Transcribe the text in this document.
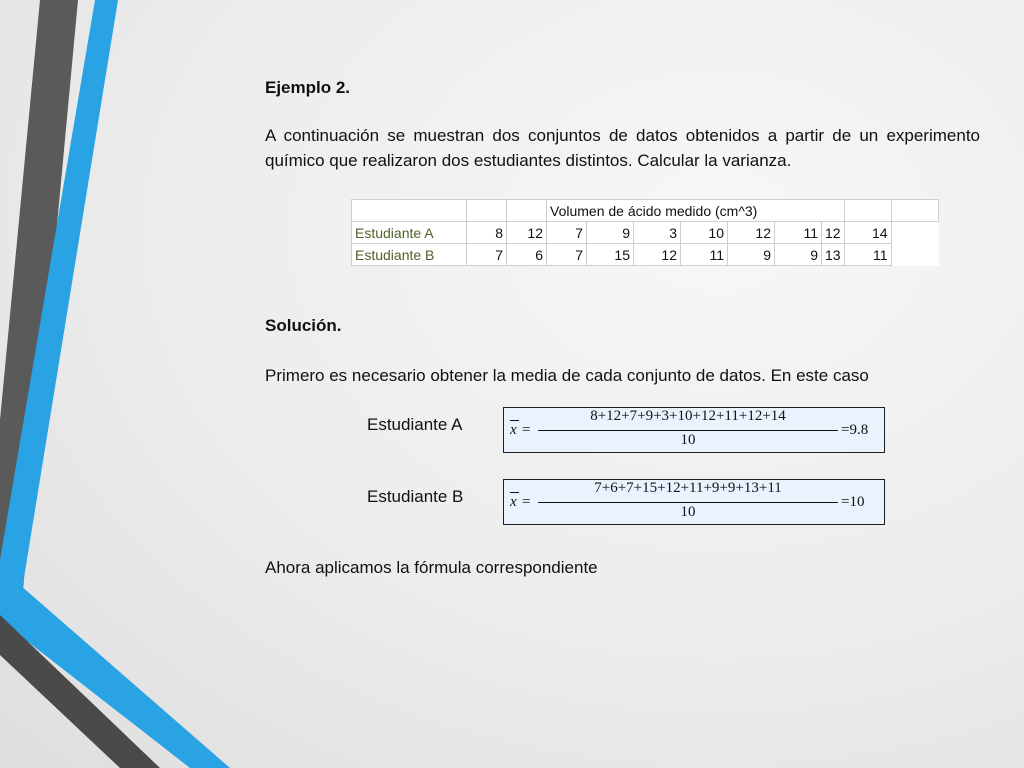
Ejemplo 2.
A continuación se muestran dos conjuntos de datos obtenidos a partir de un experimento químico que realizaron dos estudiantes distintos. Calcular la varianza.
			Volumen de ácido medido (cm^3)								
Estudiante A	8	12	7	9	3	10	12	11	12	14	
Estudiante B	7	6	7	15	12	11	9	9	13	11	
Solución.
Primero es necesario obtener la media de cada conjunto de datos. En este caso
Estudiante A	x =
8+12+7+9+3+10+12+11+12+14
10
=9.8
Estudiante B	x =
7+6+7+15+12+11+9+9+13+11
10
=10
Ahora aplicamos la fórmula correspondiente
